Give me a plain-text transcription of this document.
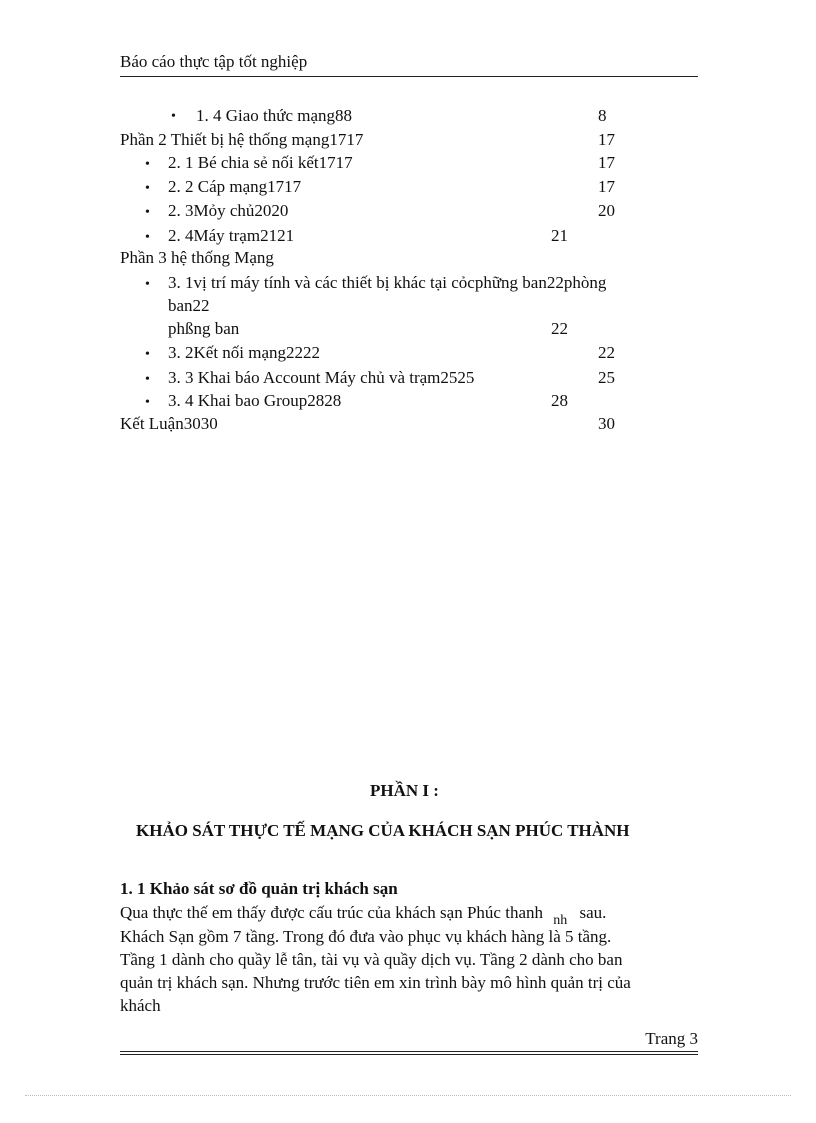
Báo cáo thực tập tốt nghiệp
• 1. 4 Giao thức mạng88	8
Phần 2 Thiết bị hệ thống mạng1717	17
• 2. 1 Bé chia sẻ nối kết1717	17
• 2. 2 Cáp mạng1717	17
• 2. 3Mỏy chủ2020	20
• 2. 4Máy trạm2121	21
Phần 3 hệ thống Mạng
• 3. 1vị trí máy tính và các thiết bị khác tại cỏcphững ban22phòng
ban22
phßng ban	22
• 3. 2Kết nối mạng2222	22
• 3. 3 Khai báo Account Máy chủ và trạm2525	25
• 3. 4 Khai bao Group2828	28
Kết Luận3030	30
PHẦN I :
KHẢO SÁT THỰC TẾ MẠNG CỦA KHÁCH SẠN PHÚC THÀNH
1. 1 Khảo sát sơ đồ quản trị khách sạn
Qua thực thế em thấy được cấu trúc của khách sạn Phúc thanh $_{nh}$ sau.
Khách Sạn gồm 7 tầng. Trong đó đưa vào phục vụ khách hàng là 5 tầng.
Tầng 1 dành cho quầy lễ tân, tài vụ và quầy dịch vụ. Tầng 2 dành cho ban
quản trị khách sạn. Nhưng trước tiên em xin trình bày mô hình quản trị của
khách
Trang 3
